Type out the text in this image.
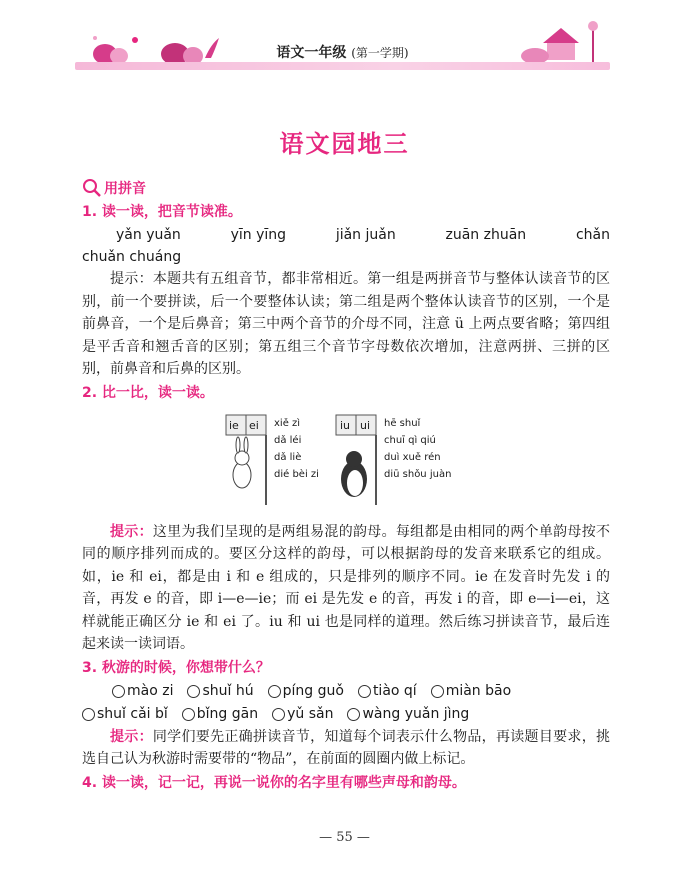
语文一年级 (第一学期)
语文园地三
用拼音
1. 读一读，把音节读准。
yǎn yuǎn	yīn yīng	jiǎn juǎn	zuān zhuān	chǎn
chuǎn chuáng
提示：本题共有五组音节，都非常相近。第一组是两拼音节与整体认读音节的区别，前一个要拼读，后一个要整体认读；第二组是两个整体认读音节的区别，一个是前鼻音，一个是后鼻音；第三中两个音节的介母不同，注意 ü 上两点要省略；第四组是平舌音和翘舌音的区别；第五组三个音节字母数依次增加，注意两拼、三拼的区别，前鼻音和后鼻的区别。
2. 比一比，读一读。
ie ei xiě zì
dǎ léi
dǎ liè
dié bèi zi
iu ui hē shuǐ
chuī qì qiú
duì xuě rén
diū shǒu juàn
提示：这里为我们呈现的是两组易混的韵母。每组都是由相同的两个单韵母按不同的顺序排列而成的。要区分这样的韵母，可以根据韵母的发音来联系它的组成。如，ie 和 ei，都是由 i 和 e 组成的，只是排列的顺序不同。ie 在发音时先发 i 的音，再发 e 的音，即 i—e—ie；而 ei 是先发 e 的音，再发 i 的音，即 e—i—ei，这样就能正确区分 ie 和 ei 了。iu 和 ui 也是同样的道理。然后练习拼读音节，最后连起来读一读词语。
3. 秋游的时候，你想带什么？
mào zi shuǐ hú píng guǒ tiào qí miàn bāo
shuǐ cǎi bǐ bǐng gān yǔ sǎn wàng yuǎn jìng
提示：同学们要先正确拼读音节，知道每个词表示什么物品，再读题目要求，挑选自己认为秋游时需要带的“物品”，在前面的圆圈内做上标记。
4. 读一读，记一记，再说一说你的名字里有哪些声母和韵母。
— 55 —
